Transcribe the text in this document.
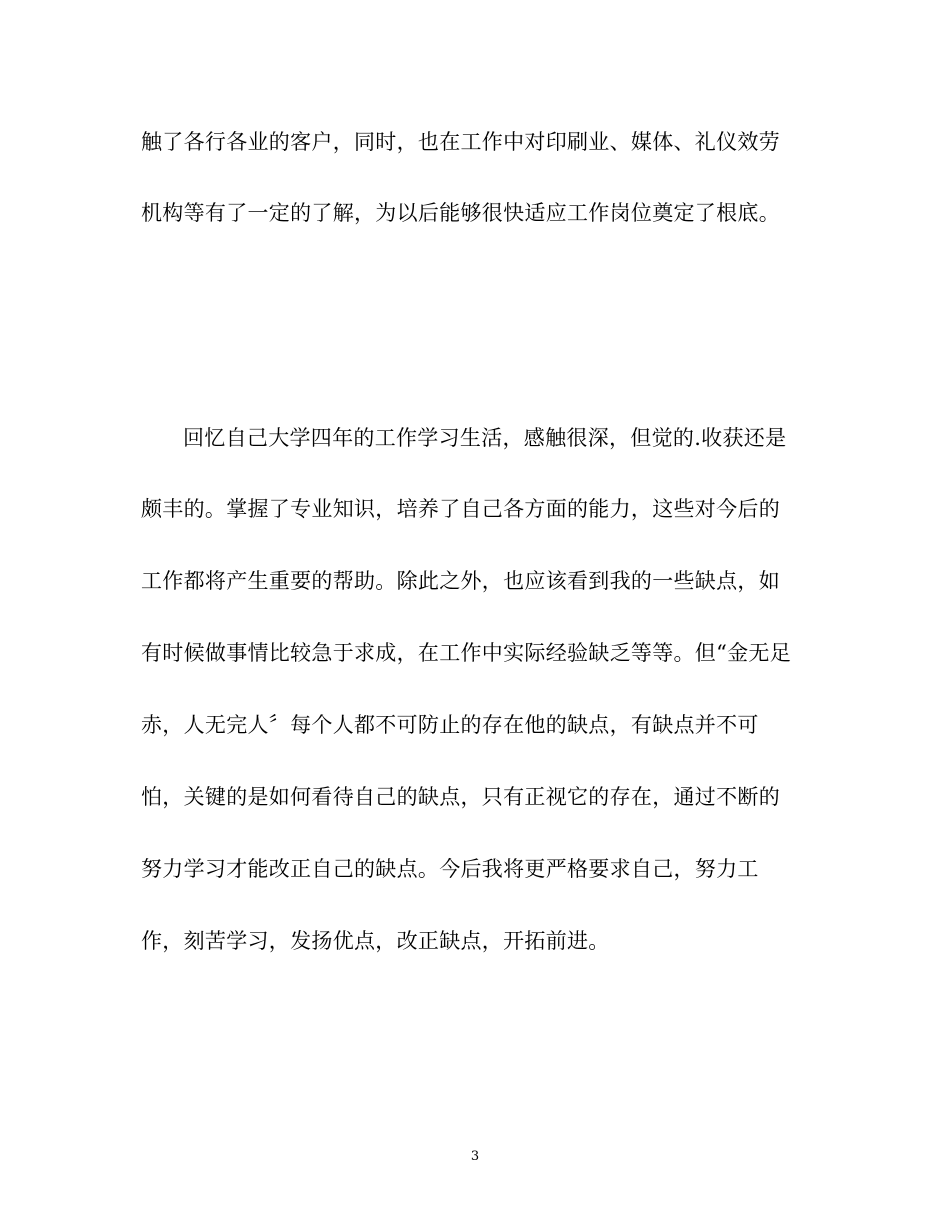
触了各行各业的客户，同时，也在工作中对印刷业、媒体、礼仪效劳
机构等有了一定的了解，为以后能够很快适应工作岗位奠定了根底。
回忆自己大学四年的工作学习生活，感触很深，但觉的.收获还是
颇丰的。掌握了专业知识，培养了自己各方面的能力，这些对今后的
工作都将产生重要的帮助。除此之外，也应该看到我的一些缺点，如
有时候做事情比较急于求成，在工作中实际经验缺乏等等。但“金无足
赤，人无完人〞每个人都不可防止的存在他的缺点，有缺点并不可
怕，关键的是如何看待自己的缺点，只有正视它的存在，通过不断的
努力学习才能改正自己的缺点。今后我将更严格要求自己，努力工
作，刻苦学习，发扬优点，改正缺点，开拓前进。
3
